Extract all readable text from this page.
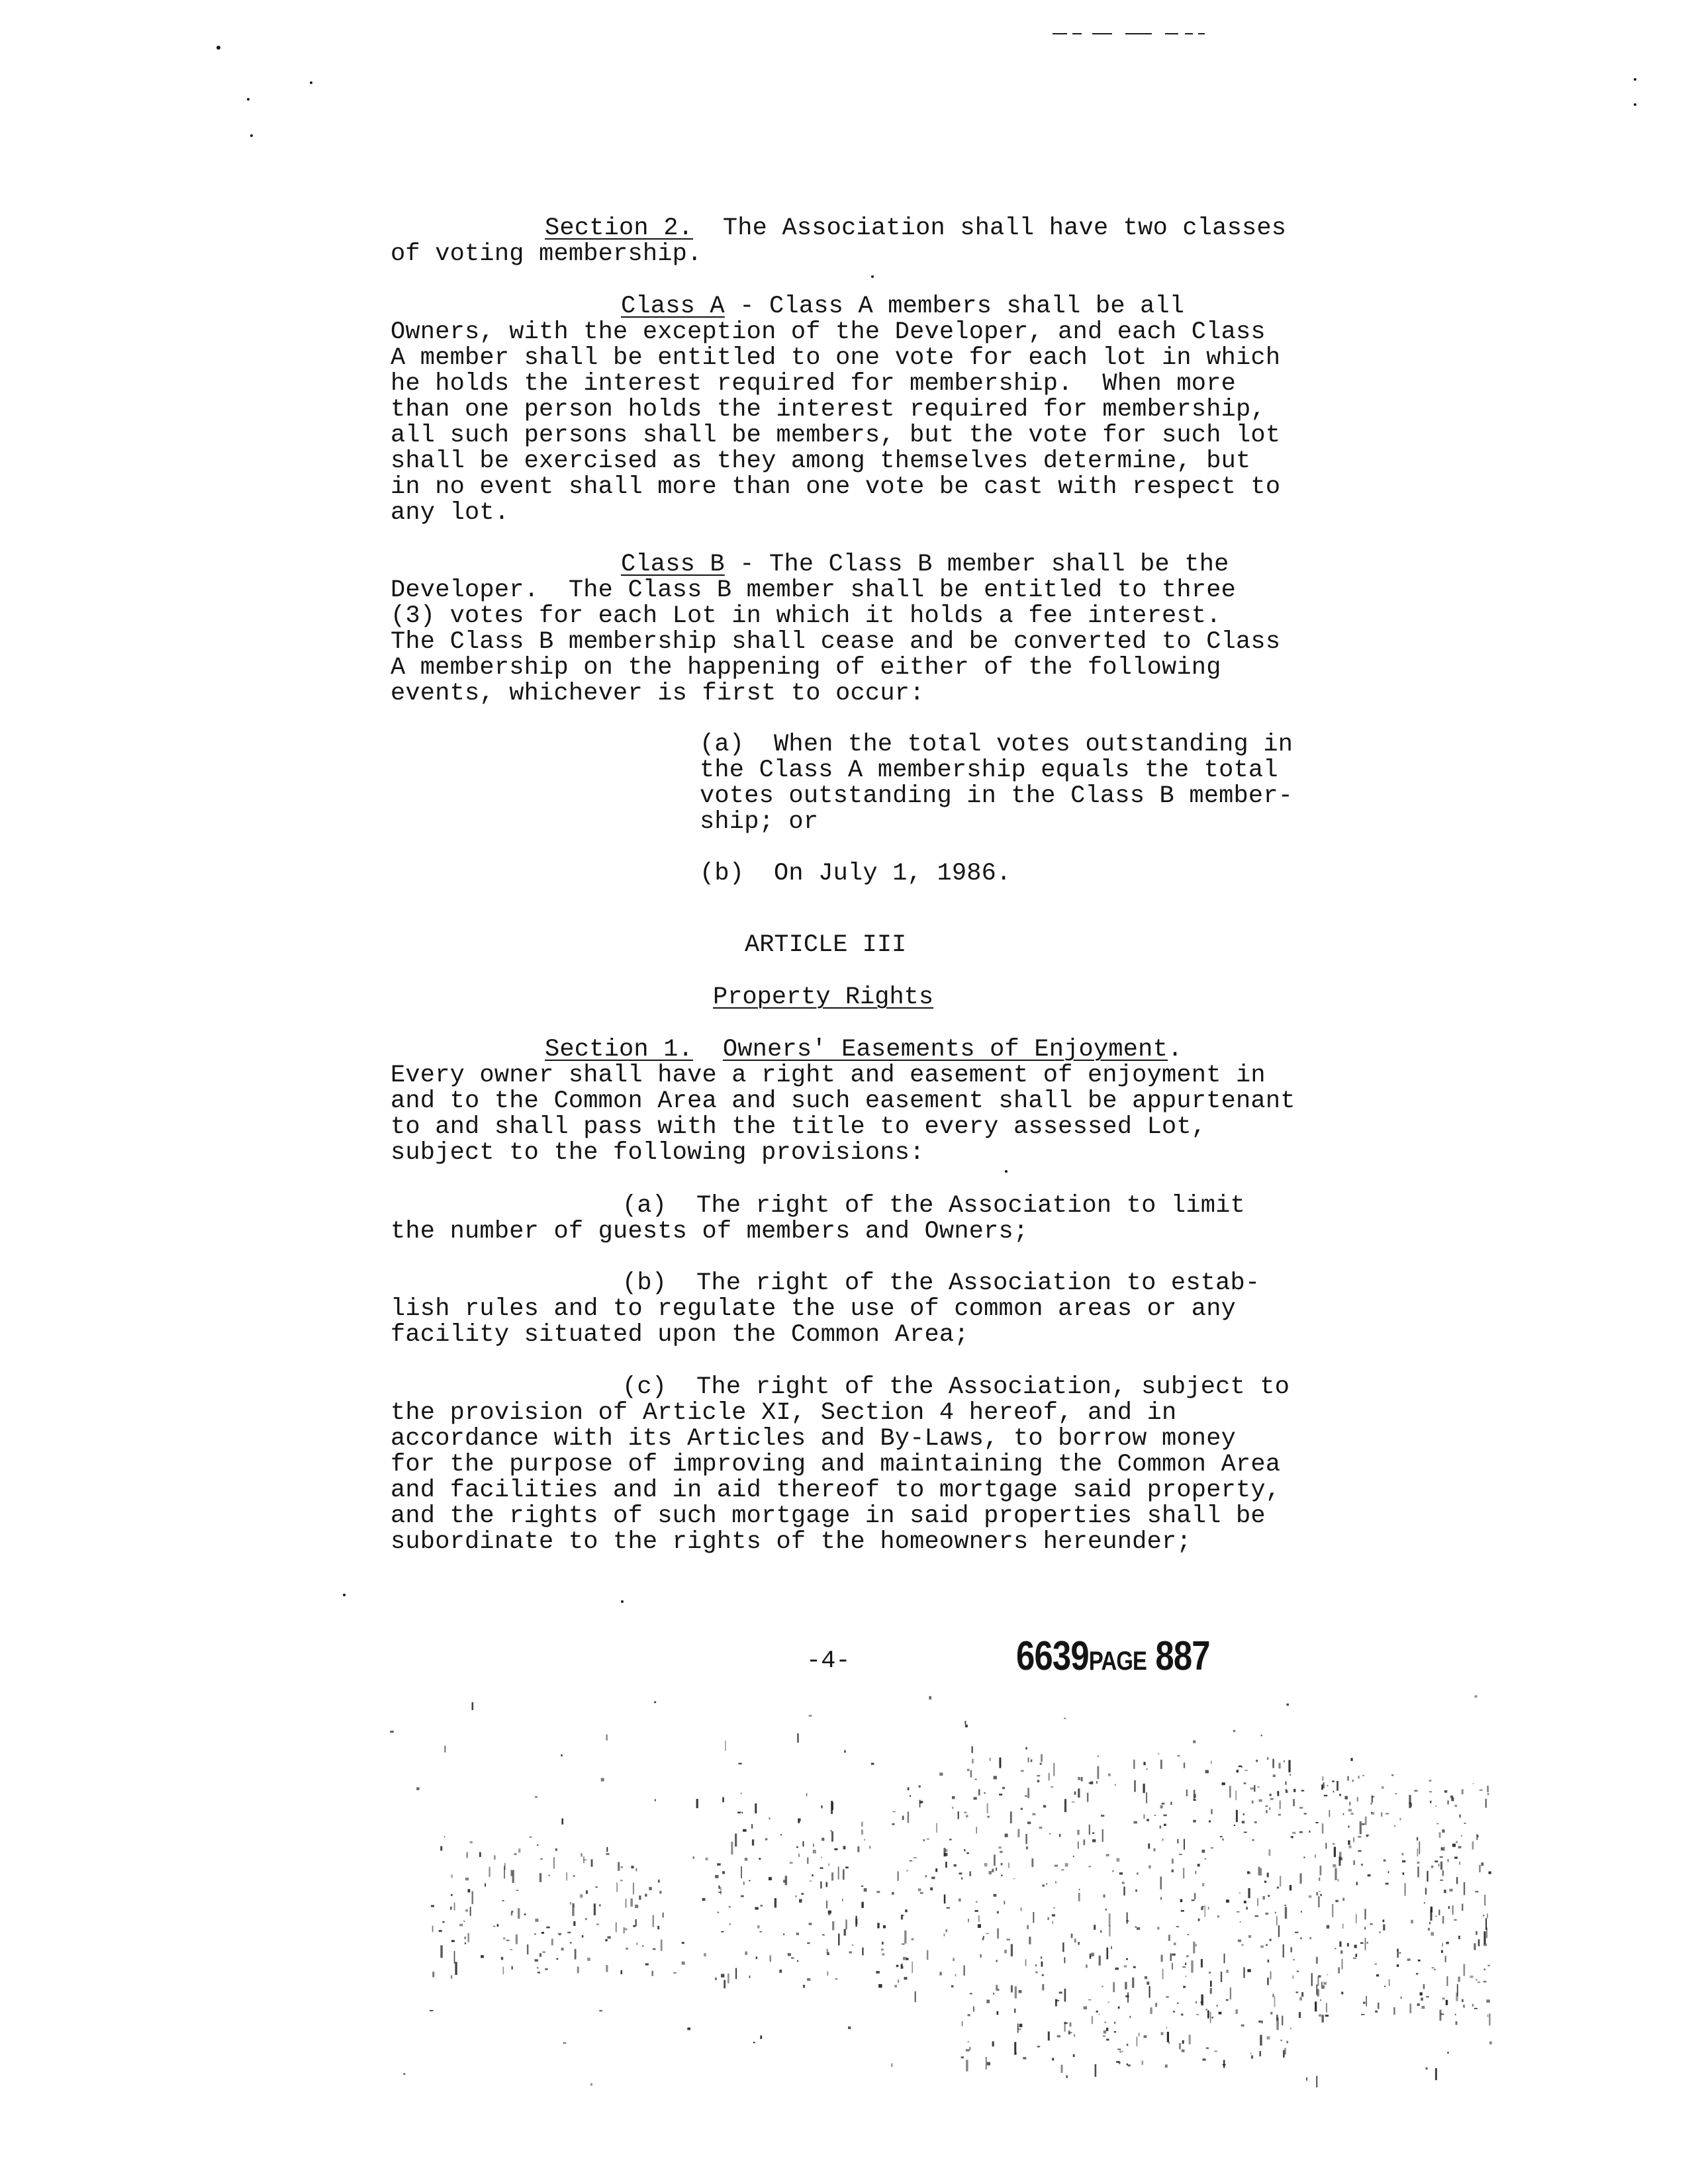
Section 2. The Association shall have two classes
of voting membership.
Class A - Class A members shall be all
Owners, with the exception of the Developer, and each Class
A member shall be entitled to one vote for each lot in which
he holds the interest required for membership.  When more
than one person holds the interest required for membership,
all such persons shall be members, but the vote for such lot
shall be exercised as they among themselves determine, but
in no event shall more than one vote be cast with respect to
any lot.
Class B - The Class B member shall be the
Developer.  The Class B member shall be entitled to three
(3) votes for each Lot in which it holds a fee interest.
The Class B membership shall cease and be converted to Class
A membership on the happening of either of the following
events, whichever is first to occur:
(a)  When the total votes outstanding in
the Class A membership equals the total
votes outstanding in the Class B member-
ship; or
(b)  On July 1, 1986.
ARTICLE III
Property Rights
Section 1. Owners' Easements of Enjoyment.
Every owner shall have a right and easement of enjoyment in
and to the Common Area and such easement shall be appurtenant
to and shall pass with the title to every assessed Lot,
subject to the following provisions:
(a)  The right of the Association to limit
the number of guests of members and Owners;
(b)  The right of the Association to estab-
lish rules and to regulate the use of common areas or any
facility situated upon the Common Area;
(c)  The right of the Association, subject to
the provision of Article XI, Section 4 hereof, and in
accordance with its Articles and By-Laws, to borrow money
for the purpose of improving and maintaining the Common Area
and facilities and in aid thereof to mortgage said property,
and the rights of such mortgage in said properties shall be
subordinate to the rights of the homeowners hereunder;
-4-	6639PAGE 887
